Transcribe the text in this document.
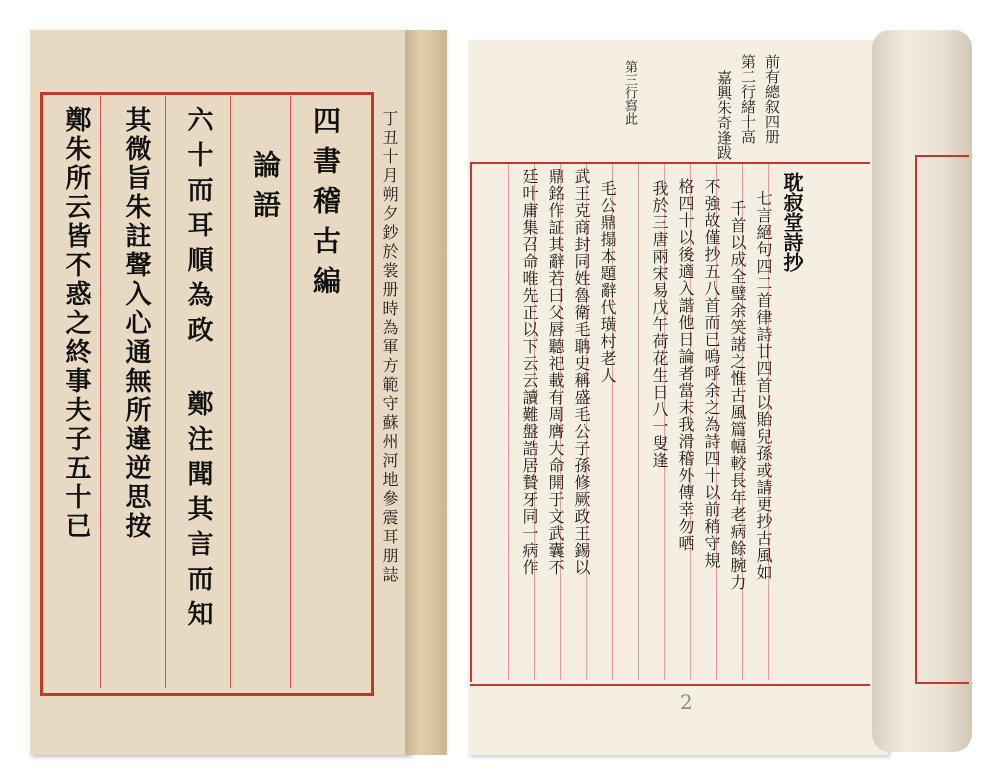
四書稽古編
論語
六十而耳順為政
其微旨朱註聲入心通無所違逆思按 鄭注聞其言而知
鄭朱所云皆不惑之終事夫子五十已	丁丑十月朔夕鈔於裳册時為軍方範守蘇州河地參震耳朋誌
前有總叙四册
第二行緒十高
嘉興朱奇逢跋
第三行寫此
耽寂堂詩抄
七言絕句四二首律詩廿四首以貽兒孫或請更抄古風如
千首以成全璧余笑諾之惟古風篇幅較長年老病餘腕力
不強故僅抄五八首而已嗚呼余之為詩四十以前稍守規
格四十以後適入諧他日論者當末我滑稽外傳幸勿哂
我於三唐兩宋易戊午荷花生日八一叟逢
毛公鼎搨本題辭代璜村老人
武王克商封同姓魯衛毛聃史稱盛毛公子孫修厥政王錫以
鼎銘作証其辭若曰父唇聽祀載有周膺大命開于文武囊不
廷叶庸集召命唯先正以下云云讀難盤誥居贄牙同一病作
2
